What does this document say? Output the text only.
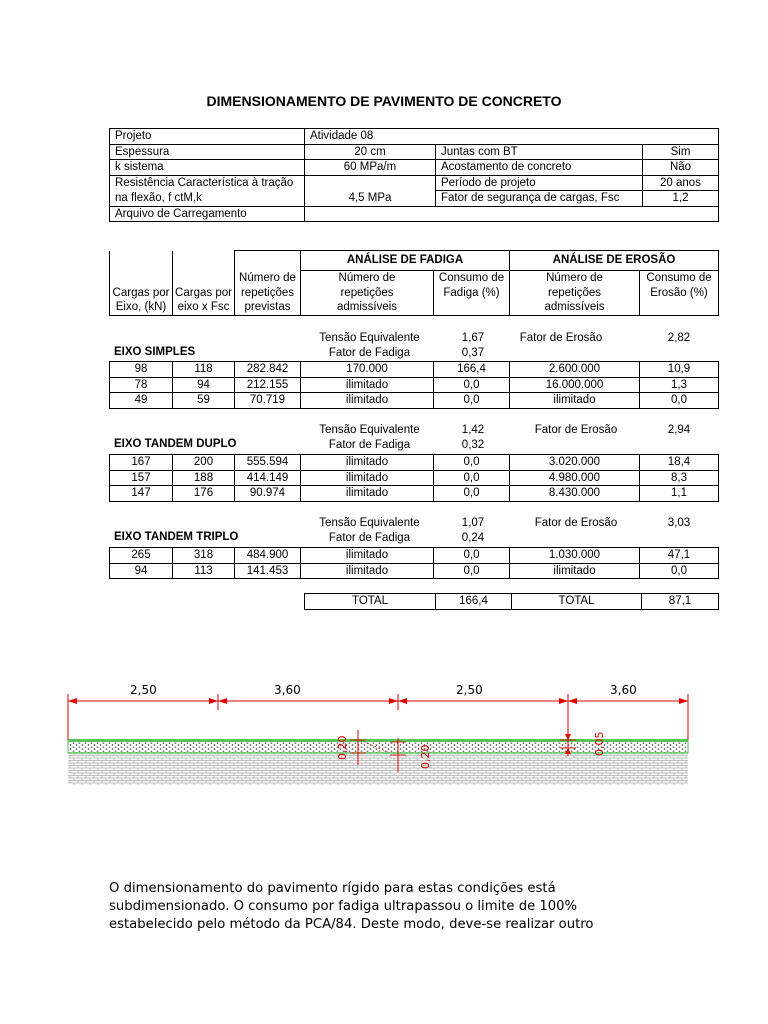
DIMENSIONAMENTO DE PAVIMENTO DE CONCRETO
Projeto	Atividade 08		
Espessura	20 cm	Juntas com BT	Sim
k sistema	60 MPa/m	Acostamento de concreto	Não
Resistência Característica à tração na flexão, f ctM,k	4,5 MPa	Período de projeto	20 anos
		Fator de segurança de cargas, Fsc	1,2
Arquivo de Carregamento			
Cargas por Eixo, (kN)	Cargas por eixo x Fsc	Número de repetições previstas	ANÁLISE DE FADIGA		ANÁLISE DE EROSÃO	
			Número de repetições admissíveis	Consumo de Fadiga (%)	Número de repetições admissíveis	Consumo de Erosão (%)
Tensão Equivalente	1,67	Fator de Erosão	2,82
EIXO SIMPLES	Fator de Fadiga	0,37
98	118	282.842	170.000	166,4	2.600.000	10,9
78	94	212.155	ilimitado	0,0	16.000.000	1,3
49	59	70.719	ilimitado	0,0	ilimitado	0,0
Tensão Equivalente	1,42	Fator de Erosão	2,94
EIXO TANDEM DUPLO	Fator de Fadiga	0,32
167	200	555.594	ilimitado	0,0	3.020.000	18,4
157	188	414.149	ilimitado	0,0	4.980.000	8,3
147	176	90.974	ilimitado	0,0	8.430.000	1,1
Tensão Equivalente	1,07	Fator de Erosão	3,03
EIXO TANDEM TRIPLO	Fator de Fadiga	0,24
265	318	484.900	ilimitado	0,0	1.030.000	47,1
94	113	141.453	ilimitado	0,0	ilimitado	0,0
TOTAL	166,4	TOTAL	87,1
2,50	3,60	2,50	3,60
0,20	0,20
0,05
O dimensionamento do pavimento rígido para estas condições está
subdimensionado. O consumo por fadiga ultrapassou o limite de 100%
estabelecido pelo método da PCA/84. Deste modo, deve-se realizar outro
